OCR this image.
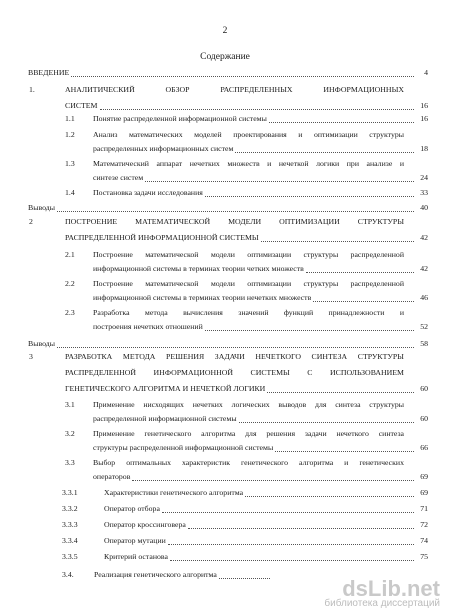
2
Содержание
ВВЕДЕНИЕ	4
1.	АНАЛИТИЧЕСКИЙ ОБЗОР РАСПРЕДЕЛЕННЫХ ИНФОРМАЦИОННЫХ
СИСТЕМ	16
1.1 Понятие распределенной информационной системы	16
1.2 Анализ математических моделей проектирования и оптимизации структуры
распределенных информационных систем	18
1.3 Математический аппарат нечетких множеств и нечеткой логики при анализе и
синтезе систем	24
1.4 Постановка задачи исследования	33
Выводы	40
2	ПОСТРОЕНИЕ МАТЕМАТИЧЕСКОЙ МОДЕЛИ ОПТИМИЗАЦИИ СТРУКТУРЫ
РАСПРЕДЕЛЕННОЙ ИНФОРМАЦИОННОЙ СИСТЕМЫ	42
2.1 Построение математической модели оптимизации структуры распределенной
информационной системы в терминах теории четких множеств	42
2.2 Построение математической модели оптимизации структуры распределенной
информационной системы в терминах теории нечетких множеств	46
2.3 Разработка метода вычисления значений функций принадлежности и
построения нечетких отношений	52
Выводы	58
3	РАЗРАБОТКА МЕТОДА РЕШЕНИЯ ЗАДАЧИ НЕЧЕТКОГО СИНТЕЗА СТРУКТУРЫ
РАСПРЕДЕЛЕННОЙ ИНФОРМАЦИОННОЙ СИСТЕМЫ С ИСПОЛЬЗОВАНИЕМ
ГЕНЕТИЧЕСКОГО АЛГОРИТМА И НЕЧЕТКОЙ ЛОГИКИ	60
3.1 Применение нисходящих нечетких логических выводов для синтеза структуры
распределенной информационной системы	60
3.2 Применение генетического алгоритма для решения задачи нечеткого синтеза
структуры распределенной информационной системы	66
3.3 Выбор оптимальных характеристик генетического алгоритма и генетических
операторов	69
3.3.1	Характеристики генетического алгоритма	69
3.3.2	Оператор отбора	71
3.3.3	Оператор кроссинговера	72
3.3.4	Оператор мутации	74
3.3.5	Критерий останова	75
3.4.	Реализация генетического алгоритма
dsLib.net
библиотека диссертаций
